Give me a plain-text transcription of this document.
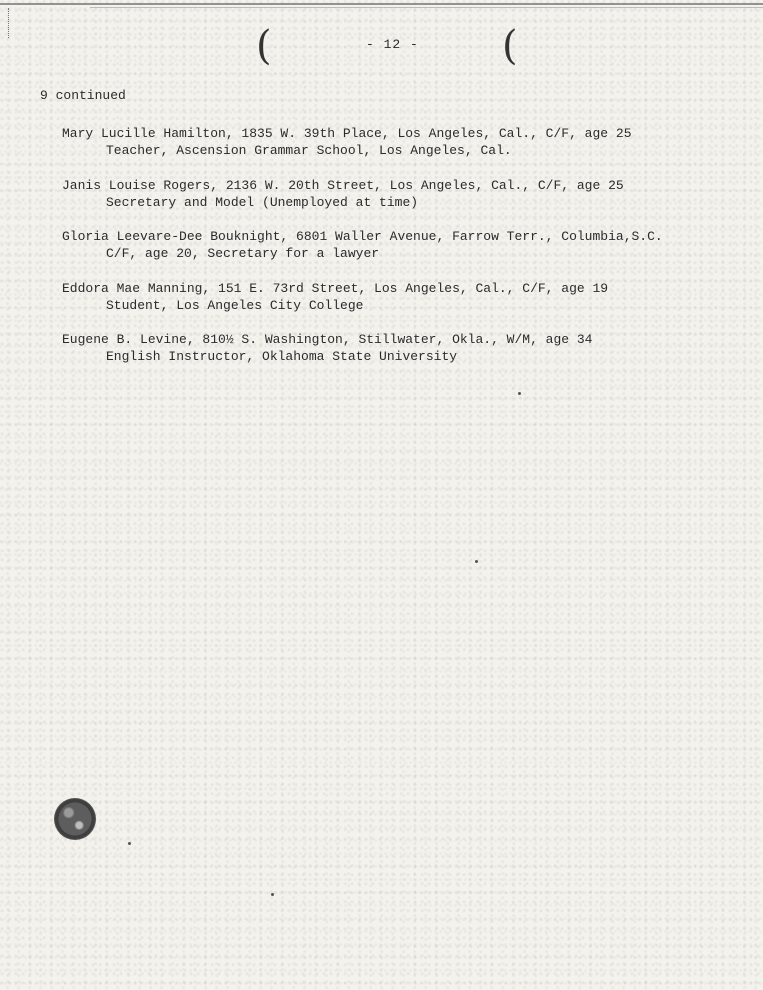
(	- 12 - (
9 continued
Mary Lucille Hamilton, 1835 W. 39th Place, Los Angeles, Cal., C/F, age 25
Teacher, Ascension Grammar School, Los Angeles, Cal.
Janis Louise Rogers, 2136 W. 20th Street, Los Angeles, Cal., C/F, age 25
Secretary and Model (Unemployed at time)
Gloria Leevare-Dee Bouknight, 6801 Waller Avenue, Farrow Terr., Columbia,S.C.
C/F, age 20, Secretary for a lawyer
Eddora Mae Manning, 151 E. 73rd Street, Los Angeles, Cal., C/F, age 19
Student, Los Angeles City College
Eugene B. Levine, 810½ S. Washington, Stillwater, Okla., W/M, age 34
English Instructor, Oklahoma State University
